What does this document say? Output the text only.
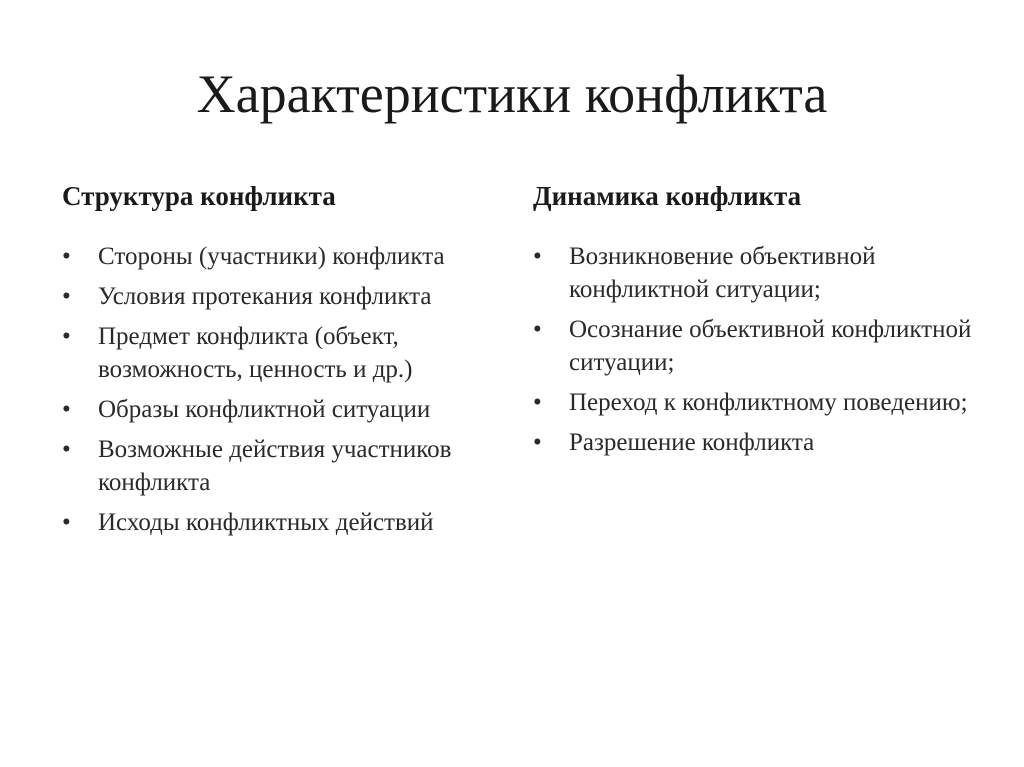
Характеристики конфликта
Структура конфликта
•	Стороны (участники) конфликта
•	Условия протекания конфликта
•	Предмет конфликта (объект, возможность, ценность и др.)
•	Образы конфликтной ситуации
•	Возможные действия участников конфликта
•	Исходы конфликтных действий
Динамика конфликта
•	Возникновение объективной конфликтной ситуации;
•	Осознание объективной конфликтной ситуации;
•	Переход к конфликтному поведению;
•	Разрешение конфликта
